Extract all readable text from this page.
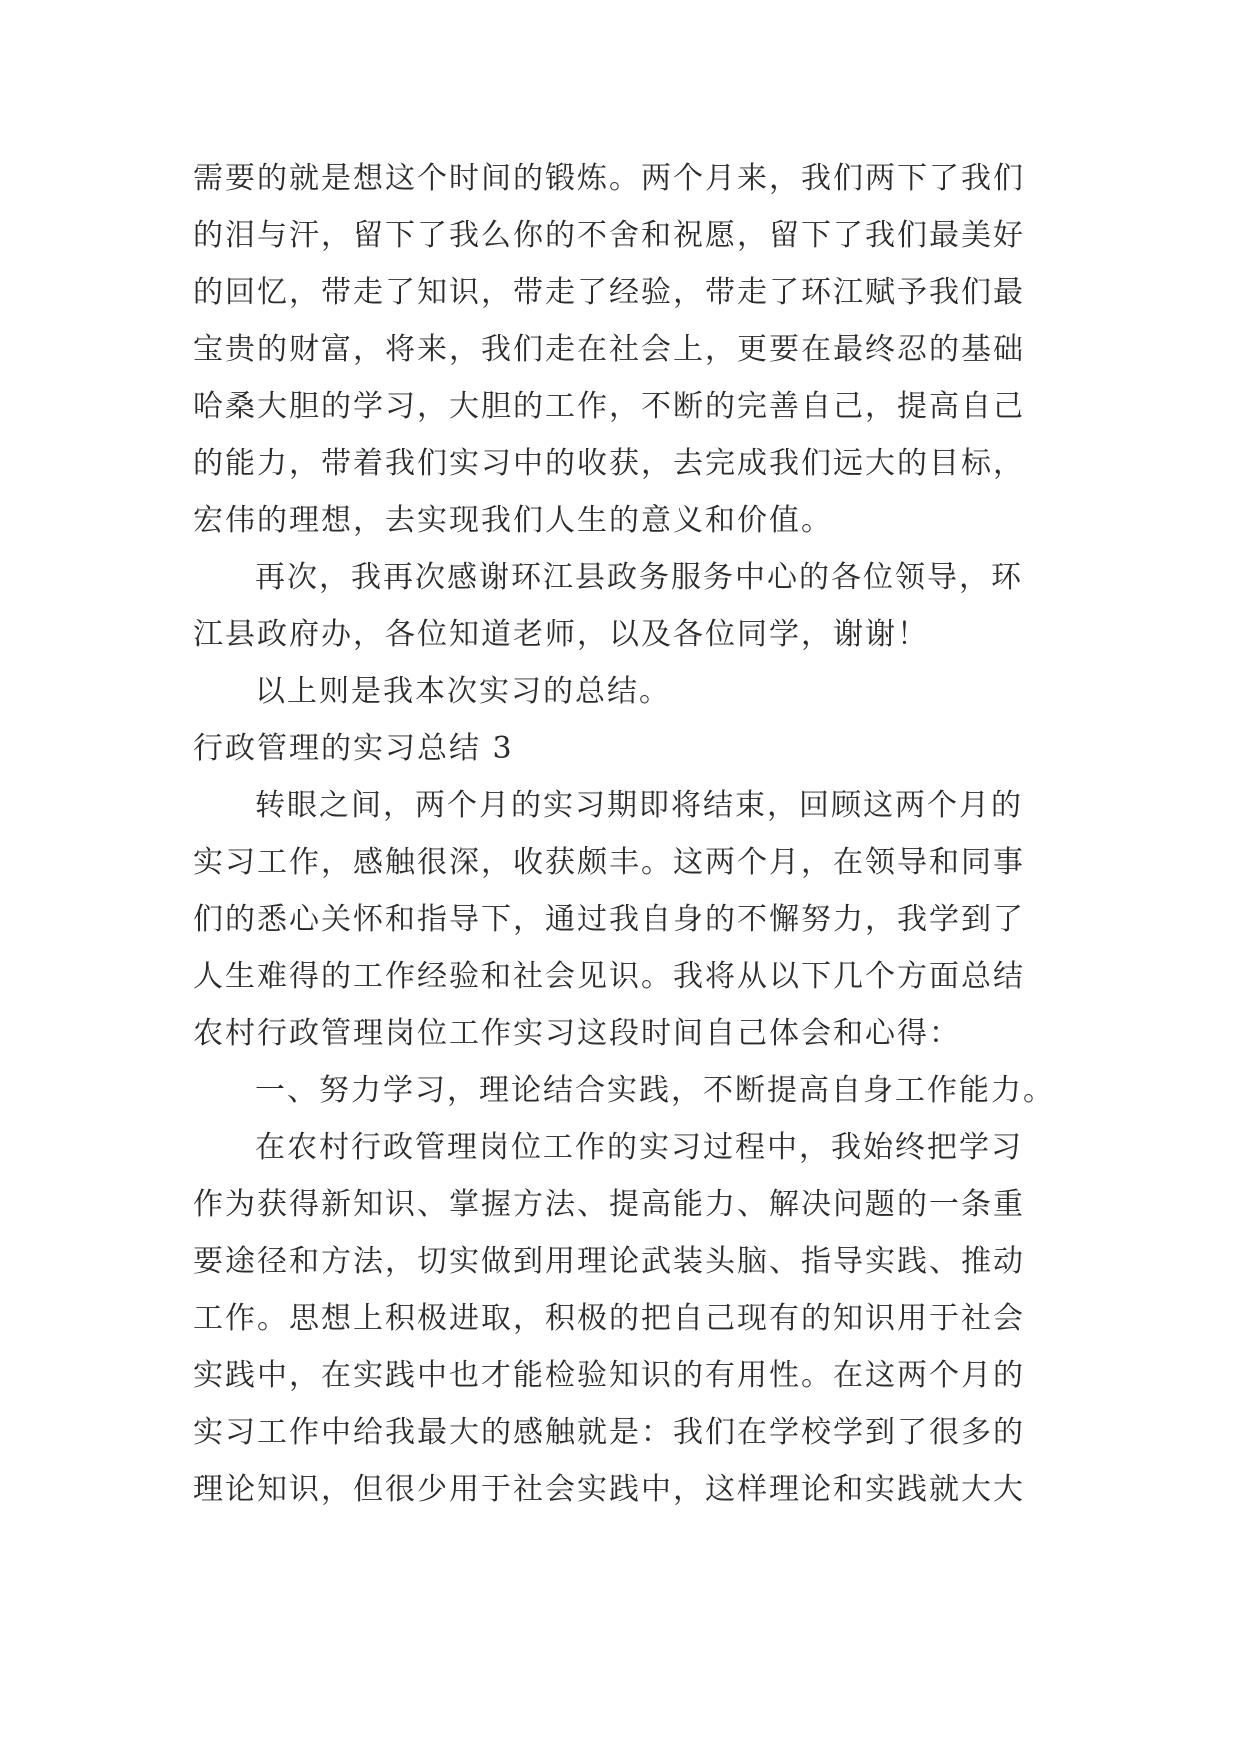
需要的就是想这个时间的锻炼。两个月来，我们两下了我们
的泪与汗，留下了我么你的不舍和祝愿，留下了我们最美好
的回忆，带走了知识，带走了经验，带走了环江赋予我们最
宝贵的财富，将来，我们走在社会上，更要在最终忍的基础
哈桑大胆的学习，大胆的工作，不断的完善自己，提高自己
的能力，带着我们实习中的收获，去完成我们远大的目标，
宏伟的理想，去实现我们人生的意义和价值。
再次，我再次感谢环江县政务服务中心的各位领导，环
江县政府办，各位知道老师，以及各位同学，谢谢！
以上则是我本次实习的总结。
行政管理的实习总结 3
转眼之间，两个月的实习期即将结束，回顾这两个月的
实习工作，感触很深，收获颇丰。这两个月，在领导和同事
们的悉心关怀和指导下，通过我自身的不懈努力，我学到了
人生难得的工作经验和社会见识。我将从以下几个方面总结
农村行政管理岗位工作实习这段时间自己体会和心得：
一、努力学习，理论结合实践，不断提高自身工作能力。
在农村行政管理岗位工作的实习过程中，我始终把学习
作为获得新知识、掌握方法、提高能力、解决问题的一条重
要途径和方法，切实做到用理论武装头脑、指导实践、推动
工作。思想上积极进取，积极的把自己现有的知识用于社会
实践中，在实践中也才能检验知识的有用性。在这两个月的
实习工作中给我最大的感触就是：我们在学校学到了很多的
理论知识，但很少用于社会实践中，这样理论和实践就大大
